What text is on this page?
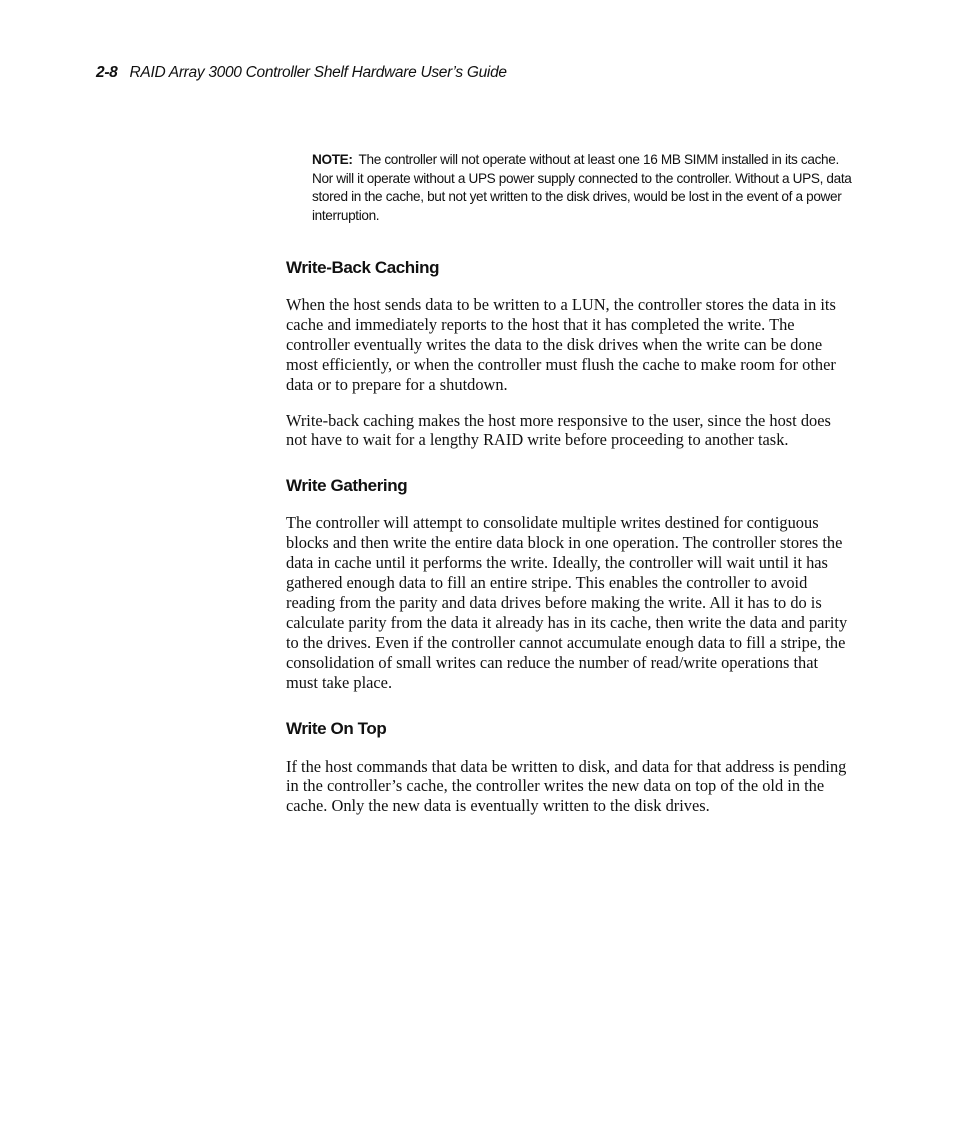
2-8 RAID Array 3000 Controller Shelf Hardware User’s Guide
NOTE: The controller will not operate without at least one 16 MB SIMM installed in its cache. Nor will it operate without a UPS power supply connected to the controller. Without a UPS, data stored in the cache, but not yet written to the disk drives, would be lost in the event of a power interruption.
Write-Back Caching

When the host sends data to be written to a LUN, the controller stores the data in its cache and immediately reports to the host that it has completed the write. The controller eventually writes the data to the disk drives when the write can be done most efficiently, or when the controller must flush the cache to make room for other data or to prepare for a shutdown.

Write-back caching makes the host more responsive to the user, since the host does not have to wait for a lengthy RAID write before proceeding to another task.

Write Gathering

The controller will attempt to consolidate multiple writes destined for contiguous blocks and then write the entire data block in one operation. The controller stores the data in cache until it performs the write. Ideally, the controller will wait until it has gathered enough data to fill an entire stripe. This enables the controller to avoid reading from the parity and data drives before making the write. All it has to do is calculate parity from the data it already has in its cache, then write the data and parity to the drives. Even if the controller cannot accumulate enough data to fill a stripe, the consolidation of small writes can reduce the number of read/write operations that must take place.

Write On Top

If the host commands that data be written to disk, and data for that address is pending in the controller’s cache, the controller writes the new data on top of the old in the cache. Only the new data is eventually written to the disk drives.
